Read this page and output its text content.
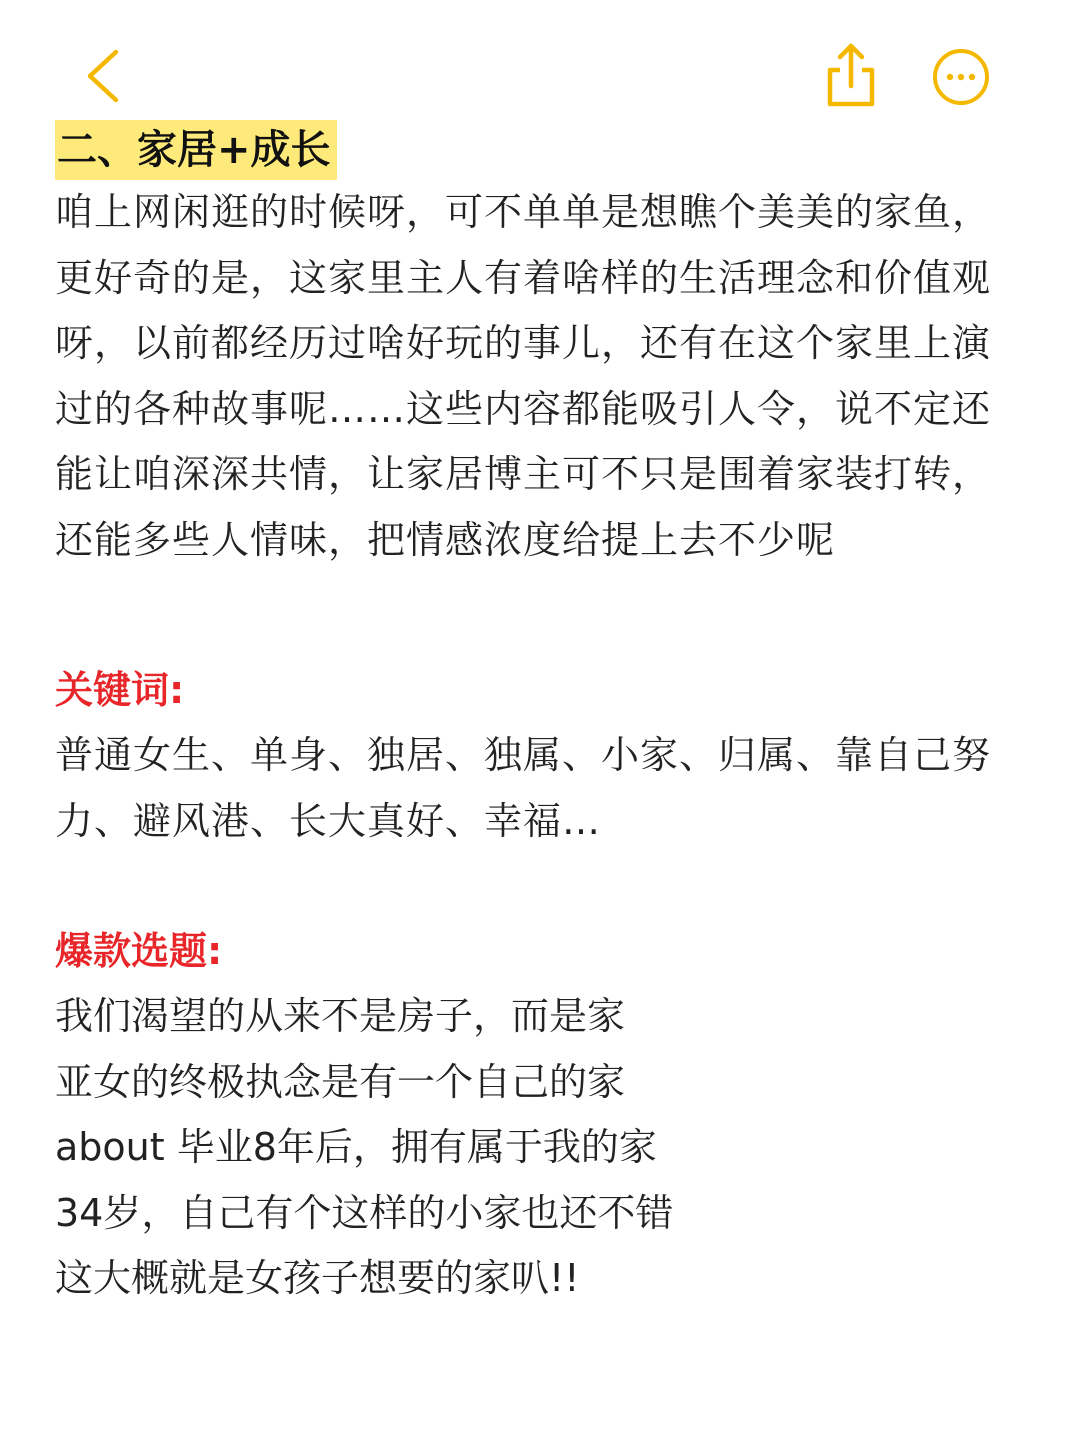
二、家居+成长

咱上网闲逛的时候呀，可不单单是想瞧个美美的家鱼，更好奇的是，这家里主人有着啥样的生活理念和价值观呀，以前都经历过啥好玩的事儿，还有在这个家里上演过的各种故事呢……这些内容都能吸引人令，说不定还能让咱深深共情，让家居博主可不只是围着家装打转，还能多些人情味，把情感浓度给提上去不少呢

关键词:

普通女生、单身、独居、独属、小家、归属、靠自己努力、避风港、长大真好、幸福…

爆款选题:

我们渴望的从来不是房子，而是家
亚女的终极执念是有一个自己的家
about 毕业8年后，拥有属于我的家
34岁，自己有个这样的小家也还不错
这大概就是女孩子想要的家叭!!
